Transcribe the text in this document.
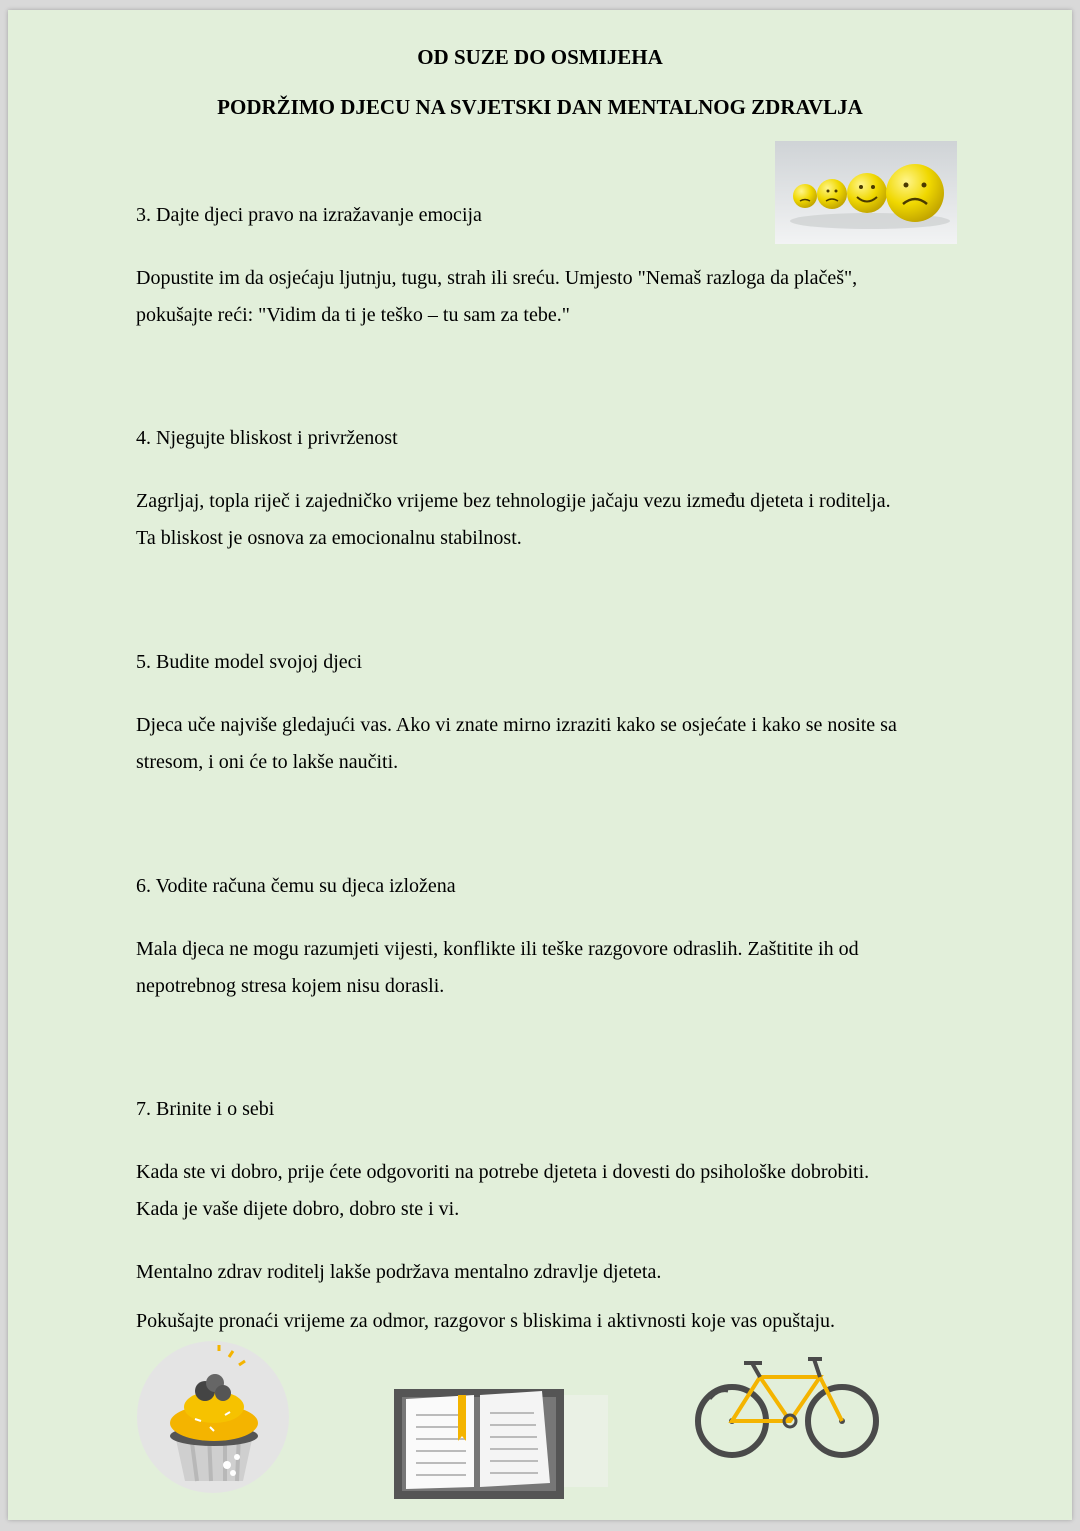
OD SUZE DO OSMIJEHA
PODRŽIMO DJECU NA SVJETSKI DAN MENTALNOG ZDRAVLJA
3. Dajte djeci pravo na izražavanje emocija
Dopustite im da osjećaju ljutnju, tugu, strah ili sreću. Umjesto "Nemaš razloga da plačeš",
pokušajte reći: "Vidim da ti je teško – tu sam za tebe."
4. Njegujte bliskost i privrženost
Zagrljaj, topla riječ i zajedničko vrijeme bez tehnologije jačaju vezu između djeteta i roditelja.
Ta bliskost je osnova za emocionalnu stabilnost.
5. Budite model svojoj djeci
Djeca uče najviše gledajući vas. Ako vi znate mirno izraziti kako se osjećate i kako se nosite sa
stresom, i oni će to lakše naučiti.
6. Vodite računa čemu su djeca izložena
Mala djeca ne mogu razumjeti vijesti, konflikte ili teške razgovore odraslih. Zaštitite ih od
nepotrebnog stresa kojem nisu dorasli.
7. Brinite i o sebi
Kada ste vi dobro, prije ćete odgovoriti na potrebe djeteta i dovesti do psihološke dobrobiti.
Kada je vaše dijete dobro, dobro ste i vi.
Mentalno zdrav roditelj lakše podržava mentalno zdravlje djeteta.
Pokušajte pronaći vrijeme za odmor, razgovor s bliskima i aktivnosti koje vas opuštaju.
